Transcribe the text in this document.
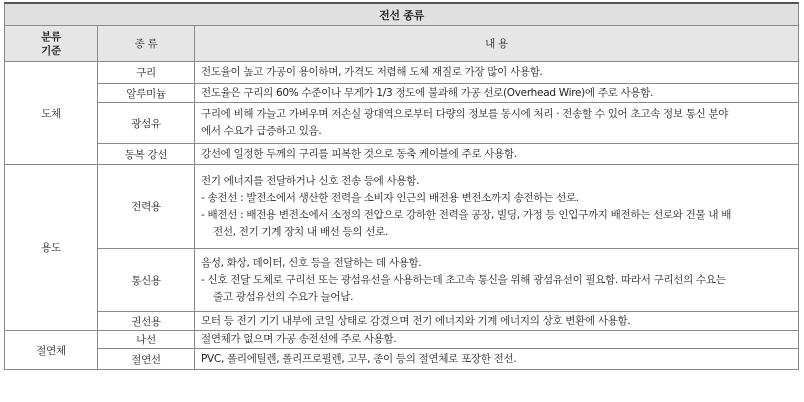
전선 종류		

분류
기준	종 류	내 용
도체	구리	전도율이 높고 가공이 용이하며, 가격도 저렴해 도체 재질로 가장 많이 사용함.

	알루미늄	전도율은 구리의 60% 수준이나 무게가 1/3 정도에 불과해 가공 선로(Overhead Wire)에 주로 사용함.

	광섬유	구리에 비해 가늘고 가벼우며 저손실 광대역으로부터 다량의 정보를 동시에 처리 · 전송할 수 있어 초고속 정보 통신 분야
에서 수요가 급증하고 있음.

	동복 강선	강선에 일정한 두께의 구리를 피복한 것으로 동축 케이블에 주로 사용함.

용도	전력용	전기 에너지를 전달하거나 신호 전송 등에 사용함.
- 송전선 : 발전소에서 생산한 전력을 소비자 인근의 배전용 변전소까지 송전하는 선로.
- 배전선 : 배전용 변전소에서 소정의 전압으로 강하한 전력을 공장, 빌딩, 가정 등 인입구까지 배전하는 선로와 건물 내 배
전선, 전기 기계 장치 내 배선 등의 선로.

	통신용	음성, 화상, 데이터, 신호 등을 전달하는 데 사용함.
- 신호 전달 도체로 구리선 또는 광섬유선을 사용하는데 초고속 통신을 위해 광섬유선이 필요함. 따라서 구리선의 수요는
줄고 광섬유선의 수요가 늘어남.

	권선용	모터 등 전기 기기 내부에 코일 상태로 감겼으며 전기 에너지와 기계 에너지의 상호 변환에 사용함.

절연체	나선	절연체가 없으며 가공 송전선에 주로 사용함.

	절연선	PVC, 폴리에틸렌, 폴리프로필렌, 고무, 종이 등의 절연체로 포장한 전선.
